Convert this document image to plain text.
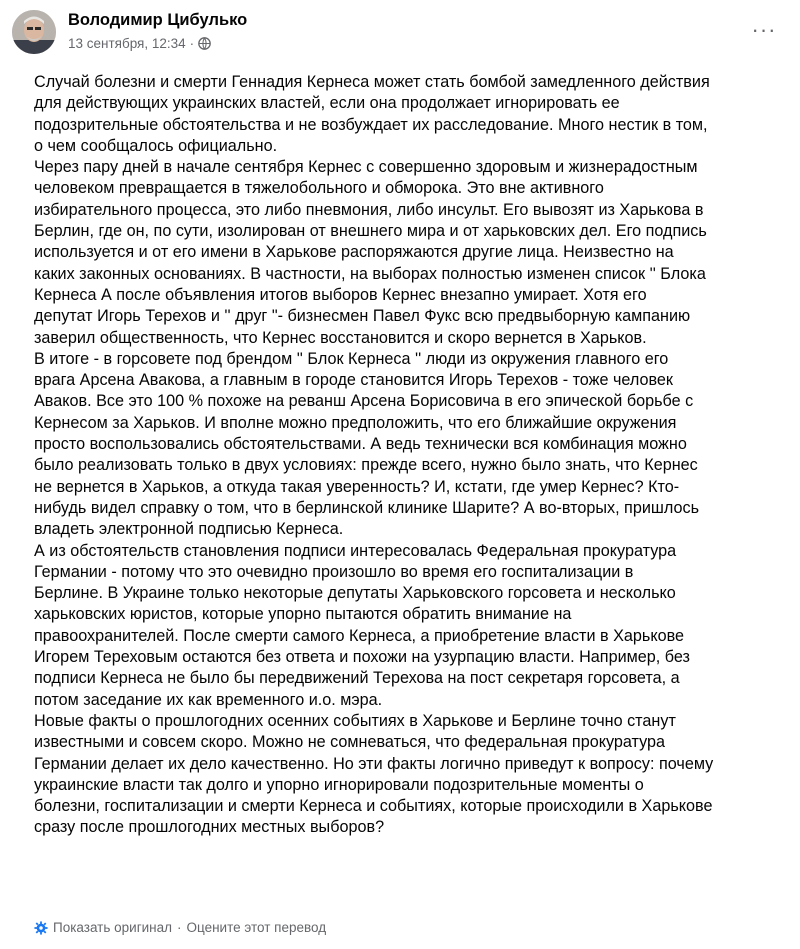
Володимир Цибулько
13 сентября, 12:34 ·
···

Случай болезни и смерти Геннадия Кернеса может стать бомбой замедленного действия
для действующих украинских властей, если она продолжает игнорировать ее
подозрительные обстоятельства и не возбуждает их расследование. Много нестик в том,
о чем сообщалось официально.

Через пару дней в начале сентября Кернес с совершенно здоровым и жизнерадостным
человеком превращается в тяжелобольного и обморока. Это вне активного
избирательного процесса, это либо пневмония, либо инсульт. Его вывозят из Харькова в
Берлин, где он, по сути, изолирован от внешнего мира и от харьковских дел. Его подпись
используется и от его имени в Харькове распоряжаются другие лица. Неизвестно на
каких законных основаниях. В частности, на выборах полностью изменен список '' Блока
Кернеса А после объявления итогов выборов Кернес внезапно умирает. Хотя его
депутат Игорь Терехов и '' друг "- бизнесмен Павел Фукс всю предвыборную кампанию
заверил общественность, что Кернес восстановится и скоро вернется в Харьков.

В итоге - в горсовете под брендом '' Блок Кернеса '' люди из окружения главного его
врага Арсена Авакова, а главным в городе становится Игорь Терехов - тоже человек
Аваков. Все это 100 % похоже на реванш Арсена Борисовича в его эпической борьбе с
Кернесом за Харьков. И вполне можно предположить, что его ближайшие окружения
просто воспользовались обстоятельствами. А ведь технически вся комбинация можно
было реализовать только в двух условиях: прежде всего, нужно было знать, что Кернес
не вернется в Харьков, а откуда такая уверенность? И, кстати, где умер Кернес? Кто-
нибудь видел справку о том, что в берлинской клинике Шарите? А во-вторых, пришлось
владеть электронной подписью Кернеса.

А из обстоятельств становления подписи интересовалась Федеральная прокуратура
Германии - потому что это очевидно произошло во время его госпитализации в
Берлине. В Украине только некоторые депутаты Харьковского горсовета и несколько
харьковских юристов, которые упорно пытаются обратить внимание на
правоохранителей. После смерти самого Кернеса, а приобретение власти в Харькове
Игорем Тереховым остаются без ответа и похожи на узурпацию власти. Например, без
подписи Кернеса не было бы передвижений Терехова на пост секретаря горсовета, а
потом заседание их как временного и.о. мэра.

Новые факты о прошлогодних осенних событиях в Харькове и Берлине точно станут
известными и совсем скоро. Можно не сомневаться, что федеральная прокуратура
Германии делает их дело качественно. Но эти факты логично приведут к вопросу: почему
украинские власти так долго и упорно игнорировали подозрительные моменты о
болезни, госпитализации и смерти Кернеса и событиях, которые происходили в Харькове
сразу после прошлогодних местных выборов?

Показать оригинал · Оцените этот перевод
